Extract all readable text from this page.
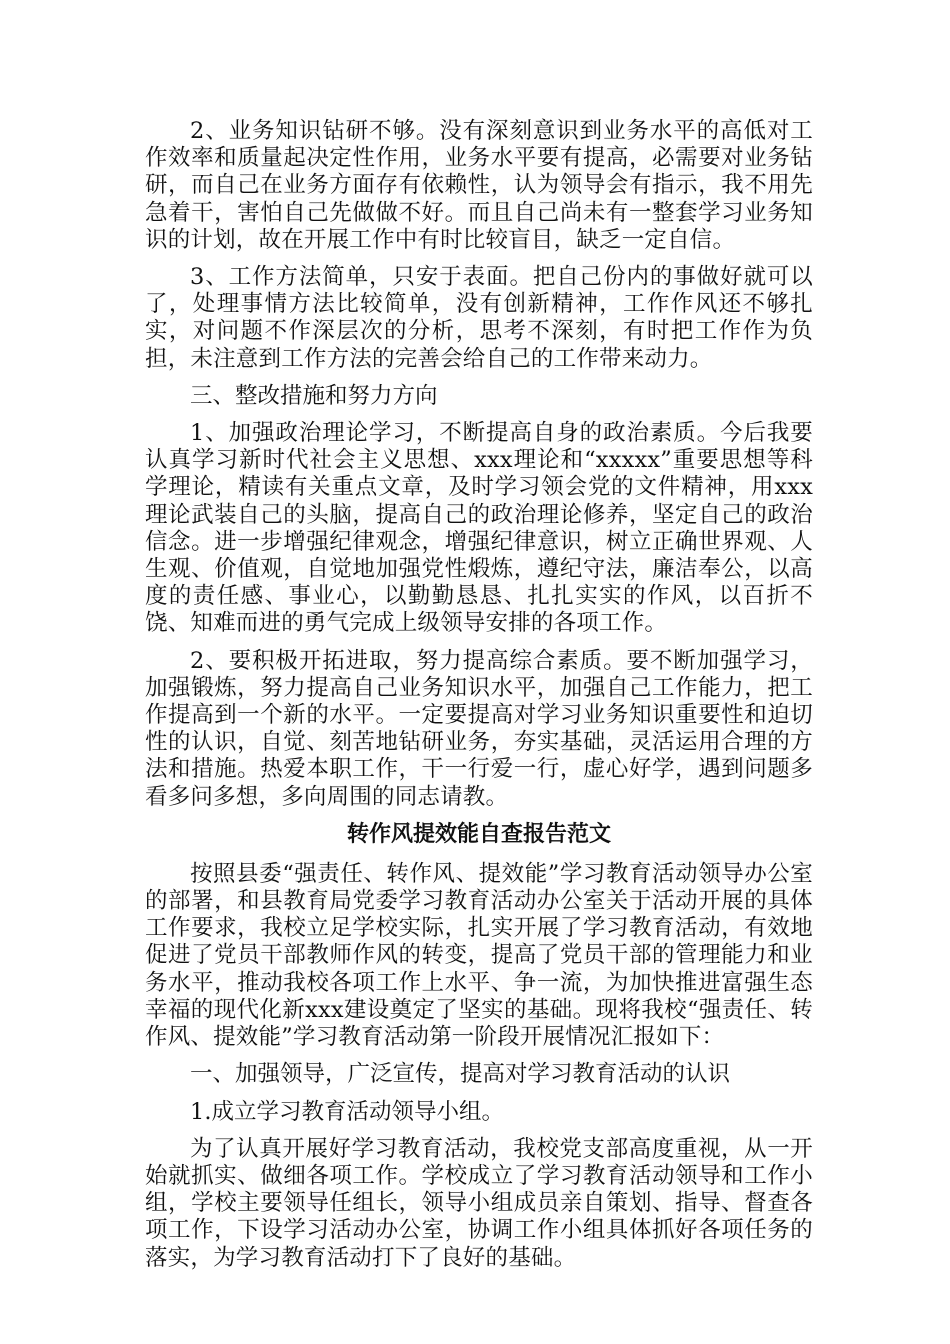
2、业务知识钻研不够。没有深刻意识到业务水平的高低对工作效率和质量起决定性作用，业务水平要有提高，必需要对业务钻研，而自己在业务方面存有依赖性，认为领导会有指示，我不用先急着干，害怕自己先做做不好。而且自己尚未有一整套学习业务知识的计划，故在开展工作中有时比较盲目，缺乏一定自信。

3、工作方法简单，只安于表面。把自己份内的事做好就可以了，处理事情方法比较简单，没有创新精神，工作作风还不够扎实，对问题不作深层次的分析，思考不深刻，有时把工作作为负担，未注意到工作方法的完善会给自己的工作带来动力。

三、整改措施和努力方向

1、加强政治理论学习，不断提高自身的政治素质。今后我要认真学习新时代社会主义思想、xxx理论和“xxxxx”重要思想等科学理论，精读有关重点文章，及时学习领会党的文件精神，用xxx理论武装自己的头脑，提高自己的政治理论修养，坚定自己的政治信念。进一步增强纪律观念，增强纪律意识，树立正确世界观、人生观、价值观，自觉地加强党性煅炼，遵纪守法，廉洁奉公，以高度的责任感、事业心，以勤勤恳恳、扎扎实实的作风，以百折不饶、知难而进的勇气完成上级领导安排的各项工作。

2、要积极开拓进取，努力提高综合素质。要不断加强学习，加强锻炼，努力提高自己业务知识水平，加强自己工作能力，把工作提高到一个新的水平。一定要提高对学习业务知识重要性和迫切性的认识，自觉、刻苦地钻研业务，夯实基础，灵活运用合理的方法和措施。热爱本职工作，干一行爱一行，虚心好学，遇到问题多看多问多想，多向周围的同志请教。

转作风提效能自查报告范文

按照县委“强责任、转作风、提效能”学习教育活动领导办公室的部署，和县教育局党委学习教育活动办公室关于活动开展的具体工作要求，我校立足学校实际，扎实开展了学习教育活动，有效地促进了党员干部教师作风的转变，提高了党员干部的管理能力和业务水平，推动我校各项工作上水平、争一流，为加快推进富强生态幸福的现代化新xxx建设奠定了坚实的基础。现将我校“强责任、转作风、提效能”学习教育活动第一阶段开展情况汇报如下：

一、加强领导，广泛宣传，提高对学习教育活动的认识

1.成立学习教育活动领导小组。

为了认真开展好学习教育活动，我校党支部高度重视，从一开始就抓实、做细各项工作。学校成立了学习教育活动领导和工作小组，学校主要领导任组长，领导小组成员亲自策划、指导、督查各项工作，下设学习活动办公室，协调工作小组具体抓好各项任务的落实，为学习教育活动打下了良好的基础。
